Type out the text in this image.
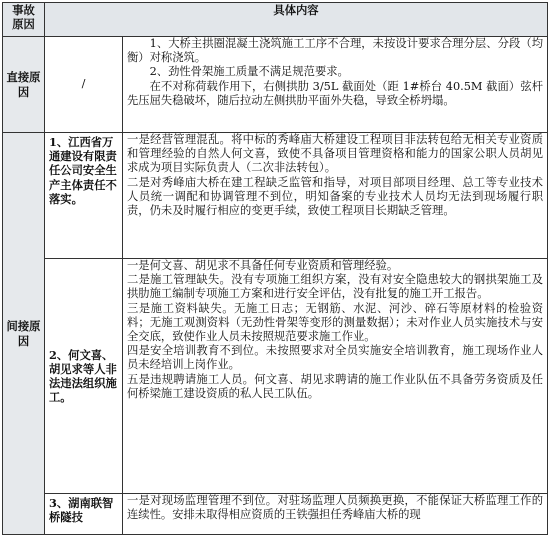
事故原因	具体内容	
直接原因	/	1、大桥主拱圈混凝土浇筑施工工序不合理，未按设计要求合理分层、分段（均衡）对称浇筑。

2、劲性骨架施工质量不满足规范要求。

在不对称荷载作用下，右侧拱肋 3/5L 截面处（距 1#桥台 40.5M 截面）弦杆先压屈失稳破坏，随后拉动左侧拱肋平面外失稳，导致全桥坍塌。

间接原因	1、江西省万通建设有限责任公司安全生产主体责任不落实。	一是经营管理混乱。将中标的秀峰庙大桥建设工程项目非法转包给无相关专业资质和管理经验的自然人何文喜，致使不具备项目管理资格和能力的国家公职人员胡见求成为项目实际负责人（二次非法转包）。

二是对秀峰庙大桥在建工程缺乏监管和指导，对项目部项目经理、总工等专业技术人员统一调配和协调管理不到位，明知备案的专业技术人员均无法到现场履行职责，仍未及时履行相应的变更手续，致使工程项目长期缺乏管理。

	2、何文喜、胡见求等人非法违法组织施工。	一是何文喜、胡见求不具备任何专业资质和管理经验。

二是施工管理缺失。没有专项施工组织方案，没有对安全隐患较大的钢拱架施工及拱肋施工编制专项施工方案和进行安全评估，没有批复的施工开工报告。

三是施工资料缺失。无施工日志；无钢筋、水泥、河沙、碎石等原材料的检验资料；无施工观测资料（无劲性骨架等变形的测量数据）；未对作业人员实施技术与安全交底，致使作业人员未按照规范要求施工作业。

四是安全培训教育不到位。未按照要求对全员实施安全培训教育，施工现场作业人员未经培训上岗作业。

五是违规聘请施工人员。何文喜、胡见求聘请的施工作业队伍不具备劳务资质及任何桥梁施工建设资质的私人民工队伍。

	3、湖南联智桥隧技	一是对现场监理管理不到位。对驻场监理人员频换更换，不能保证大桥监理工作的连续性。安排未取得相应资质的王铁强担任秀峰庙大桥的现
